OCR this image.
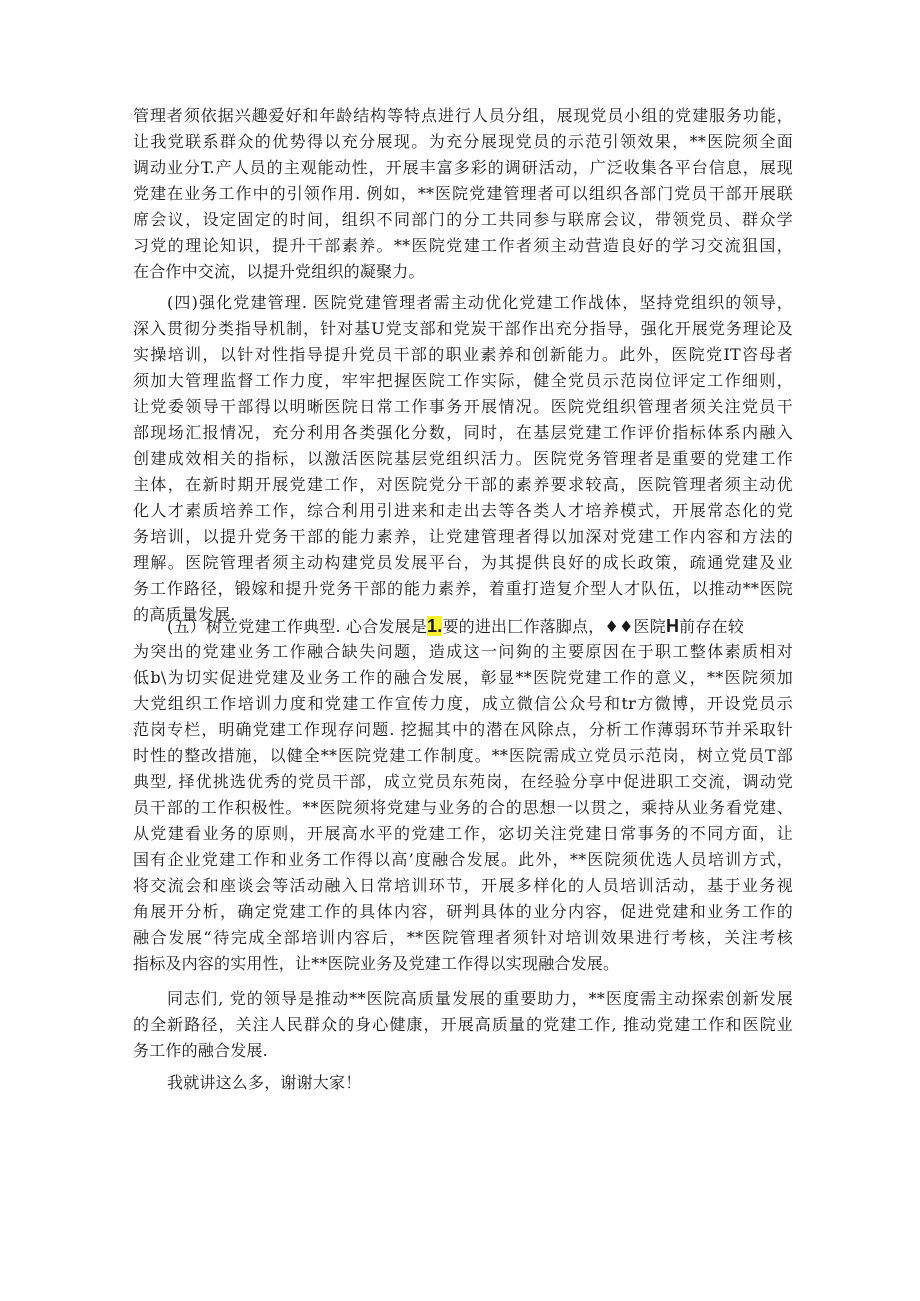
管理者须依据兴趣爱好和年龄结构等特点进行人员分组，展现党员小组的党建服务功能，
让我党联系群众的优势得以充分展现。为充分展现党员的示范引领效果，**医院须全面
调动业分T.产人员的主观能动性，开展丰富多彩的调研活动，广泛收集各平台信息，展现
党建在业务工作中的引领作用. 例如，**医院党建管理者可以组织各部门党员干部开展联
席会议，设定固定的时间，组织不同部门的分工共同参与联席会议，带领党员、群众学
习党的理论知识，提升干部素养。**医院党建工作者须主动营造良好的学习交流狙国，
在合作中交流，以提升党组织的凝聚力。
(四)强化党建管理. 医院党建管理者需主动优化党建工作战体，坚持党组织的领导，
深入贯彻分类指导机制，针对基U党支部和党炭干部作出充分指导，强化开展党务理论及
实操培训，以针对性指导提升党员干部的职业素养和创新能力。此外，医院党IT咨母者
须加大管理监督工作力度，牢牢把握医院工作实际，健全党员示范岗位评定工作细则，
让党委领导干部得以明晰医院日常工作事务开展情况。医院党组织管理者须关注党员干
部现场汇报情况，充分利用各类强化分数，同时，在基层党建工作评价指标体系内融入
创建成效相关的指标，以激活医院基层党组织活力。医院党务管理者是重要的党建工作
主体，在新时期开展党建工作，对医院党分干部的素养要求较高，医院管理者须主动优
化人才素质培养工作，综合利用引进来和走出去等各类人才培养模式，开展常态化的党
务培训，以提升党务干部的能力素养，让党建管理者得以加深对党建工作内容和方法的
理解。医院管理者须主动构建党员发展平台，为其提供良好的成长政策，疏通党建及业
务工作路径，锻嫁和提升党务干部的能力素养，着重打造复介型人才队伍，以推动**医院
的高质量发展.
(五）树立党建工作典型. 心合发展是1.要的进出匚作落脚点，♦♦医院H前存在较
为突出的党建业务工作融合缺失问题，造成这一问夠的主要原因在于职工整体素质相对
低b\为切实促进党建及业务工作的融合发展，彰显**医院党建工作的意义，**医院须加
大党组织工作培训力度和党建工作宣传力度，成立微信公众号和tr方微博，开设党员示
范岗专栏，明确党建工作现存问题. 挖掘其中的潜在风除点，分析工作薄弱环节并采取针
时性的整改措施，以健全**医院党建工作制度。**医院需成立党员示范岗，树立党员T部
典型, 择优挑选优秀的党员干部，成立党员东苑岗，在经验分享中促进职工交流，调动党
员干部的工作积极性。**医院须将党建与业务的合的思想一以贯之，乘持从业务看党建、
从党建看业务的原则，开展高水平的党建工作，宓切关注党建日常事务的不同方面，让
国有企业党建工作和业务工作得以高’度融合发展。此外，**医院须优选人员培训方式，
将交流会和座谈会等活动融入日常培训环节，开展多样化的人员培训活动，基于业务视
角展开分析，确定党建工作的具体内容，研判具体的业分内容，促进党建和业务工作的
融合发展“待完成全部培训内容后，**医院管理者须针对培训效果进行考核，关注考核
指标及内容的实用性，让**医院业务及党建工作得以实现融合发展。
同志们, 党的领导是推动**医院高质量发展的重要助力，**医度需主动探索创新发展
的全新路径，关注人民群众的身心健康，开展高质量的党建工作, 推动党建工作和医院业
务工作的融合发展.
我就讲这么多，谢谢大家！
